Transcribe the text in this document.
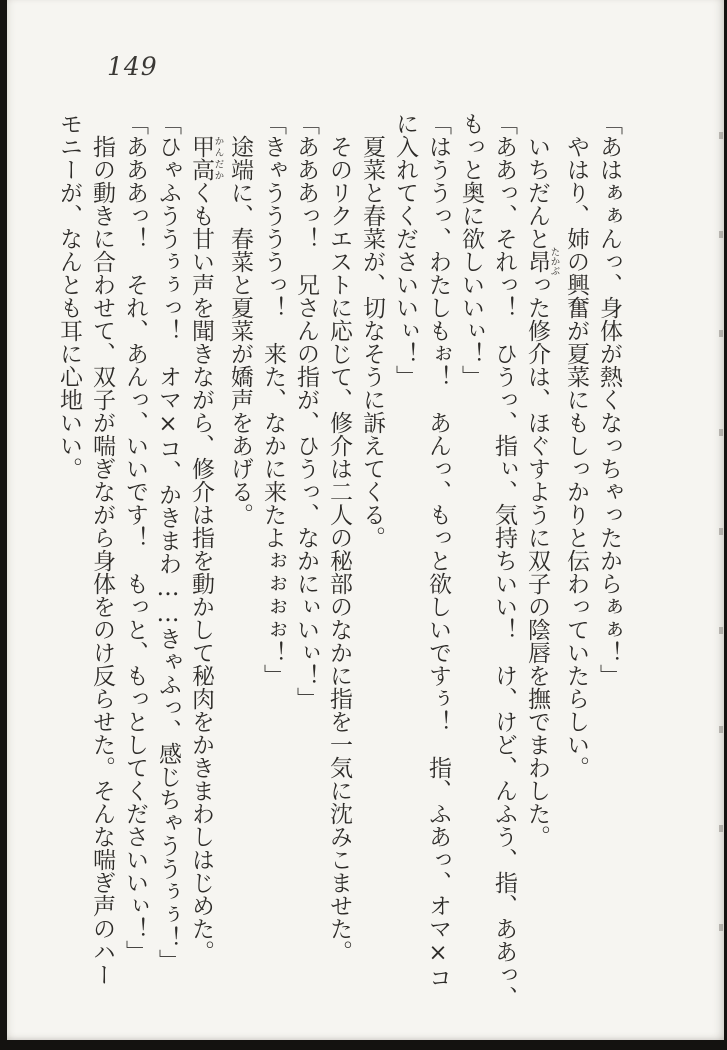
149
「あはぁぁんっ、身体が熱くなっちゃったからぁぁ！」
　やはり、姉の興奮が夏菜にもしっかりと伝わっていたらしい。
　いちだんと昂たかぶった修介は、ほぐすように双子の陰唇を撫でまわした。
「ああっ、それっ！　ひうっ、指ぃ、気持ちいい！　け、けど、んふう、指、ああっ、
もっと奥に欲しいいぃ！」
「はううっ、わたしもぉ！　あんっ、もっと欲しいですぅ！　指、ふあっ、オマ×コ
に入れてくださいいぃ！」
　夏菜と春菜が、切なそうに訴えてくる。
　そのリクエストに応じて、修介は二人の秘部のなかに指を一気に沈みこませた。
「あああっ！　兄さんの指が、ひうっ、なかにぃいぃ！」
「きゃううううっ！　来た、なかに来たよぉぉぉぉ！」
　途端に、春菜と夏菜が嬌声をあげる。
　甲高かんだかくも甘い声を聞きながら、修介は指を動かして秘肉をかきまわしはじめた。
「ひゃふううぅぅっ！　オマ×コ、かきまわ……きゃふっ、感じちゃううぅぅ！」
「あああっ！　それ、あんっ、いいです！　もっと、もっとしてくださいいぃ！」
　指の動きに合わせて、双子が喘ぎながら身体をのけ反らせた。そんな喘ぎ声のハー
モニーが、なんとも耳に心地いい。
